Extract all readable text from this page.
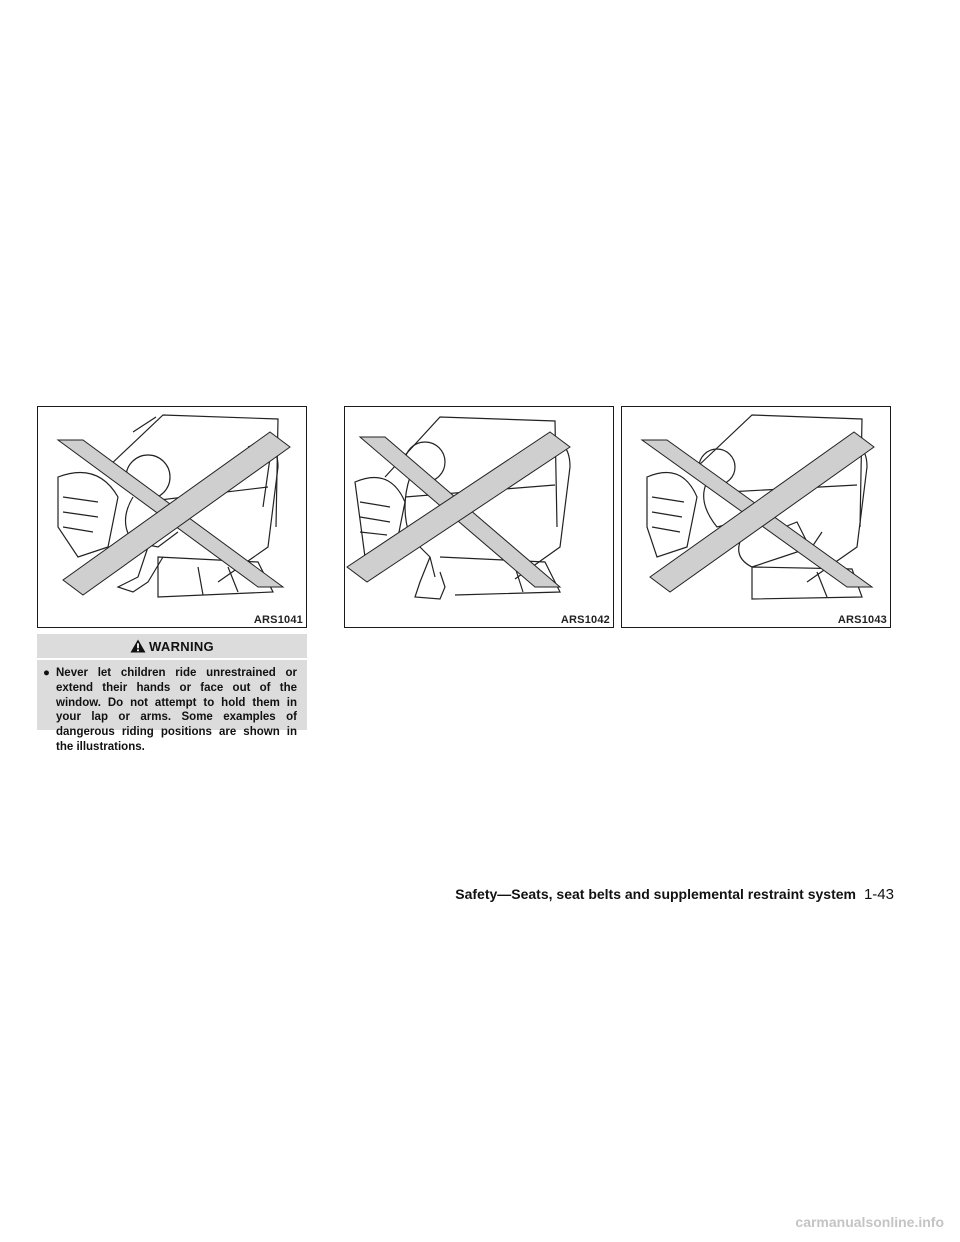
ARS1041	ARS1042	ARS1043
WARNING
● Never let children ride unrestrained or extend their hands or face out of the window. Do not attempt to hold them in your lap or arms. Some examples of dangerous riding positions are shown in the illustrations.
Safety—Seats, seat belts and supplemental restraint system 1-43
carmanualsonline.info
